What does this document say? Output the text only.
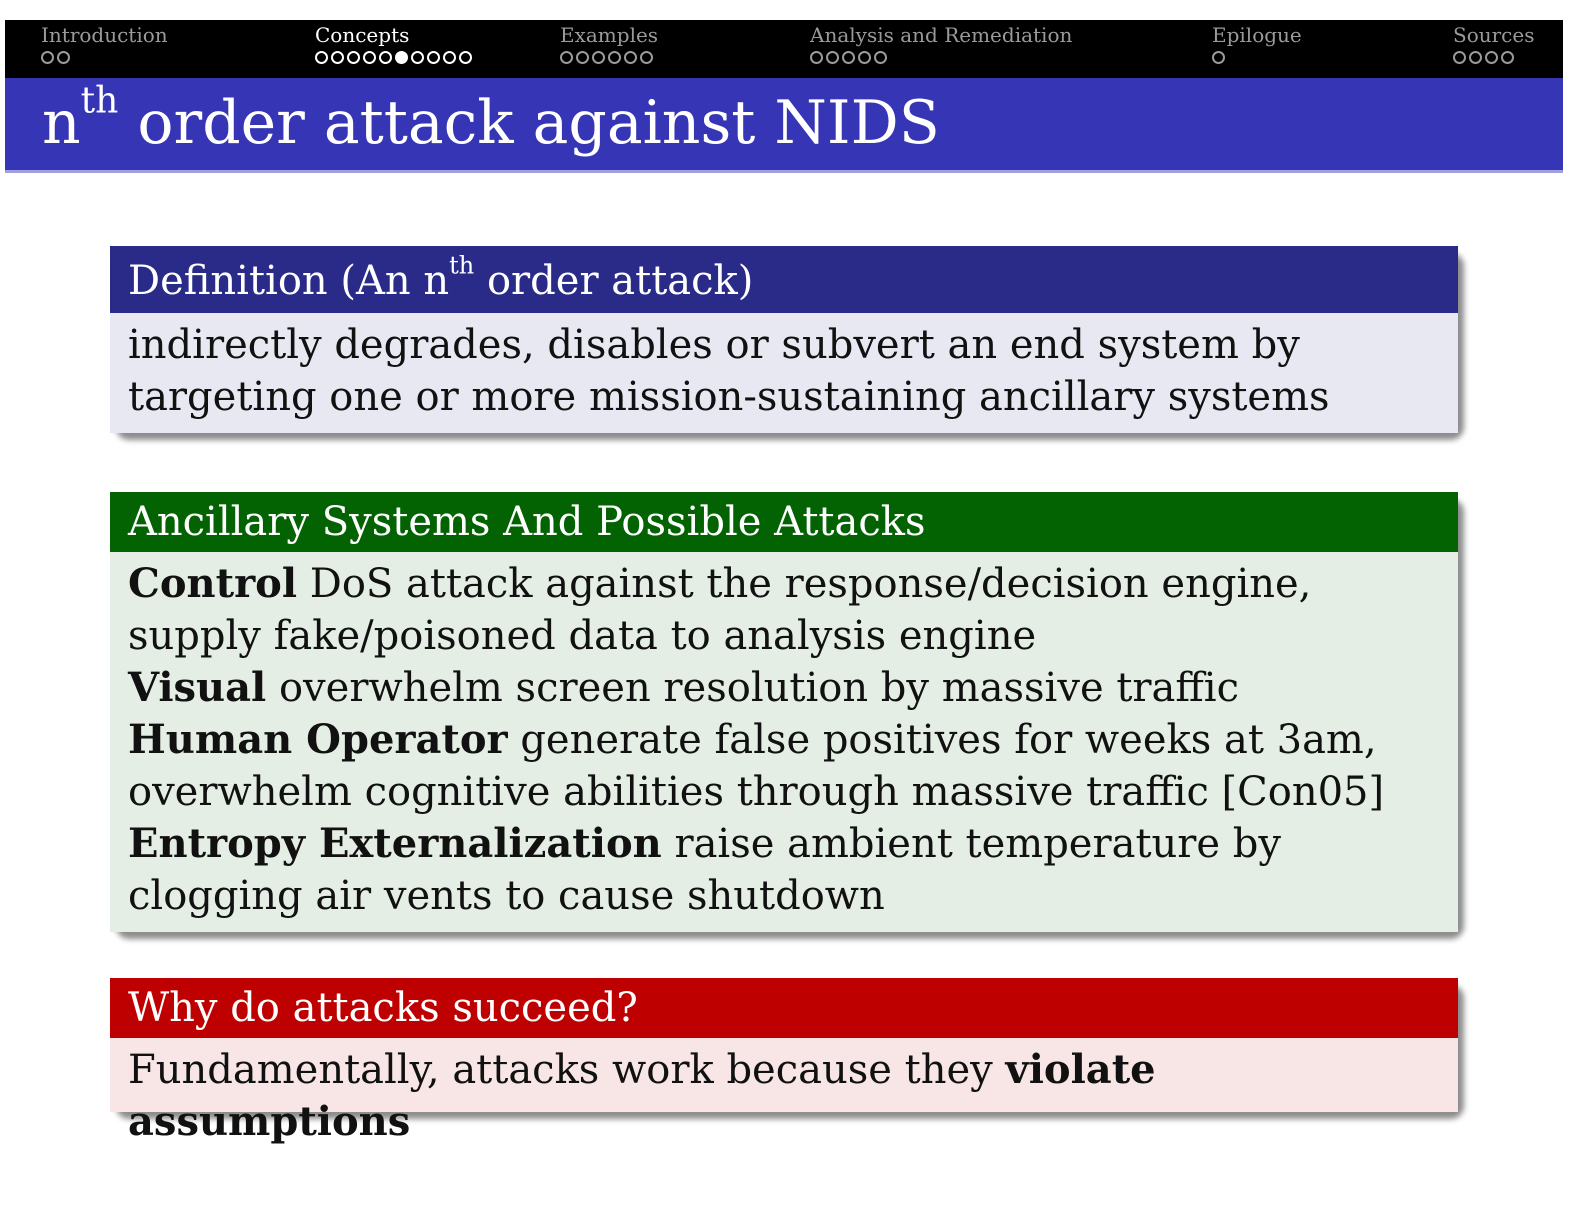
Introduction	Concepts	Examples	Analysis and Remediation	Epilogue	Sources
$n^{th}$ order attack against NIDS
Definition (An $n^{th}$ order attack)
indirectly degrades, disables or subvert an end system by targeting one or more mission-sustaining ancillary systems
Ancillary Systems And Possible Attacks
Control DoS attack against the response/decision engine, supply fake/poisoned data to analysis engine
Visual overwhelm screen resolution by massive traffic
Human Operator generate false positives for weeks at 3am, overwhelm cognitive abilities through massive traffic [Con05]
Entropy Externalization raise ambient temperature by clogging air vents to cause shutdown
Why do attacks succeed?
Fundamentally, attacks work because they violate assumptions
